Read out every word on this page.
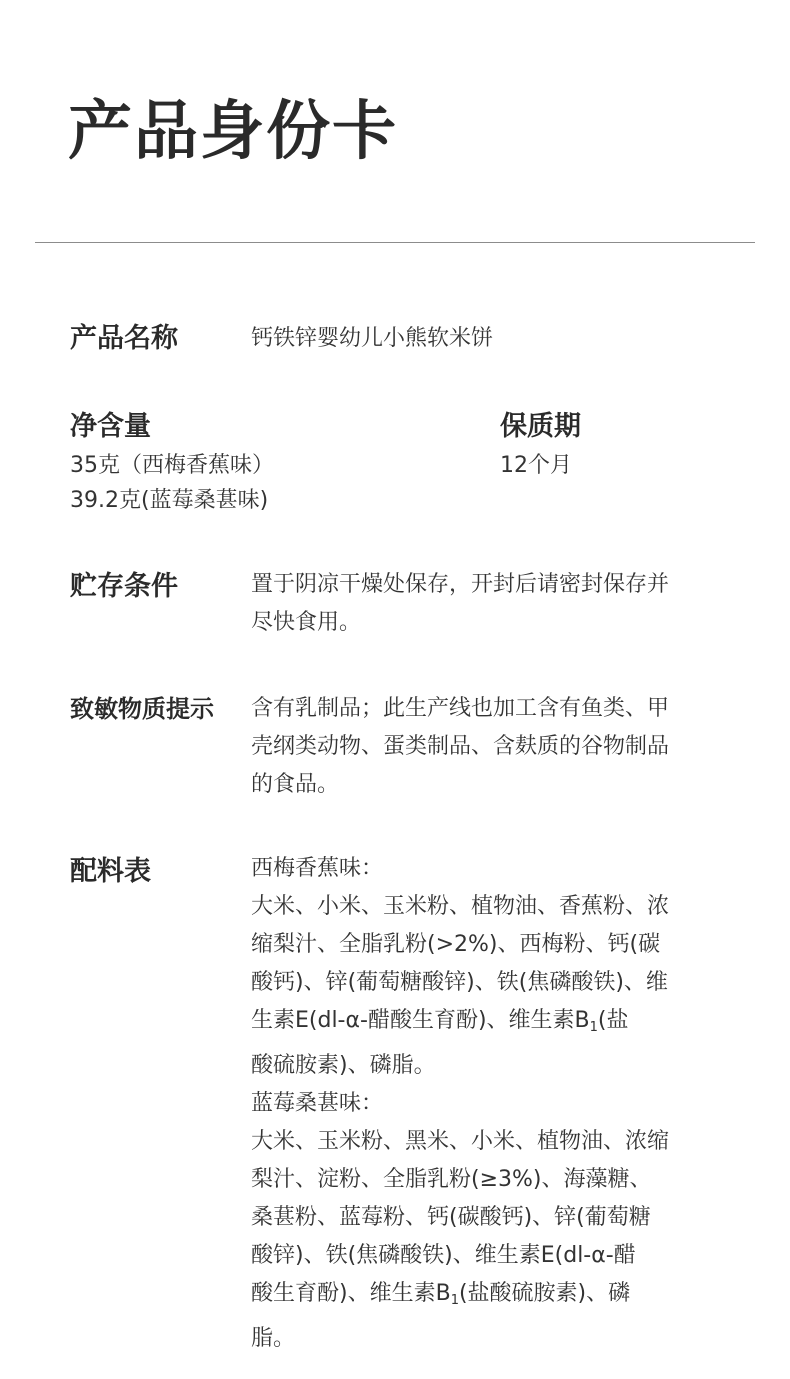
产品身份卡
产品名称	钙铁锌婴幼儿小熊软米饼

净含量
35克（西梅香蕉味）
39.2克(蓝莓桑葚味)
保质期
12个月
贮存条件	置于阴凉干燥处保存，开封后请密封保存并

尽快食用。

致敏物质提示 含有乳制品；此生产线也加工含有鱼类、甲

壳纲类动物、蛋类制品、含麸质的谷物制品

的食品。

配料表	西梅香蕉味：

大米、小米、玉米粉、植物油、香蕉粉、浓

缩梨汁、全脂乳粉(>2%)、西梅粉、钙(碳

酸钙)、锌(葡萄糖酸锌)、铁(焦磷酸铁)、维

生素E(dl-α-醋酸生育酚)、维生素$B_1$(盐

酸硫胺素)、磷脂。

蓝莓桑葚味：

大米、玉米粉、黑米、小米、植物油、浓缩

梨汁、淀粉、全脂乳粉(≥3%)、海藻糖、

桑葚粉、蓝莓粉、钙(碳酸钙)、锌(葡萄糖

酸锌)、铁(焦磷酸铁)、维生素E(dl-α-醋

酸生育酚)、维生素$B_1$(盐酸硫胺素)、磷

脂。
